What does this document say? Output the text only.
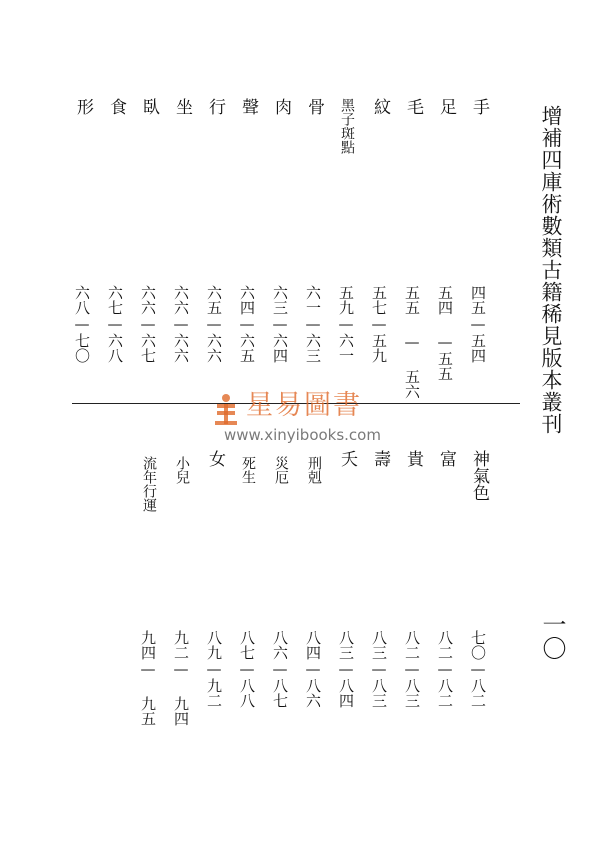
增補四庫術數類古籍稀見版本叢刊
一〇
手
足
毛
紋
黑子斑點
骨
肉
聲
行
坐
臥
食
形
四五—五四
五四 —五五
五五 — 五六
五七—五九
五九—六一
六一—六三
六三—六四
六四—六五
六五—六六
六六—六六
六六—六七
六七—六八
六八—七〇
星易圖書
www.xinyibooks.com
神氣色
富
貴
壽
夭
刑剋
災厄
死生
女
小兒
流年行運
七〇—八二
八二—八二
八二—八三
八三—八三
八三—八四
八四—八六
八六—八七
八七—八八
八九—九二
九二— 九四
九四— 九五
